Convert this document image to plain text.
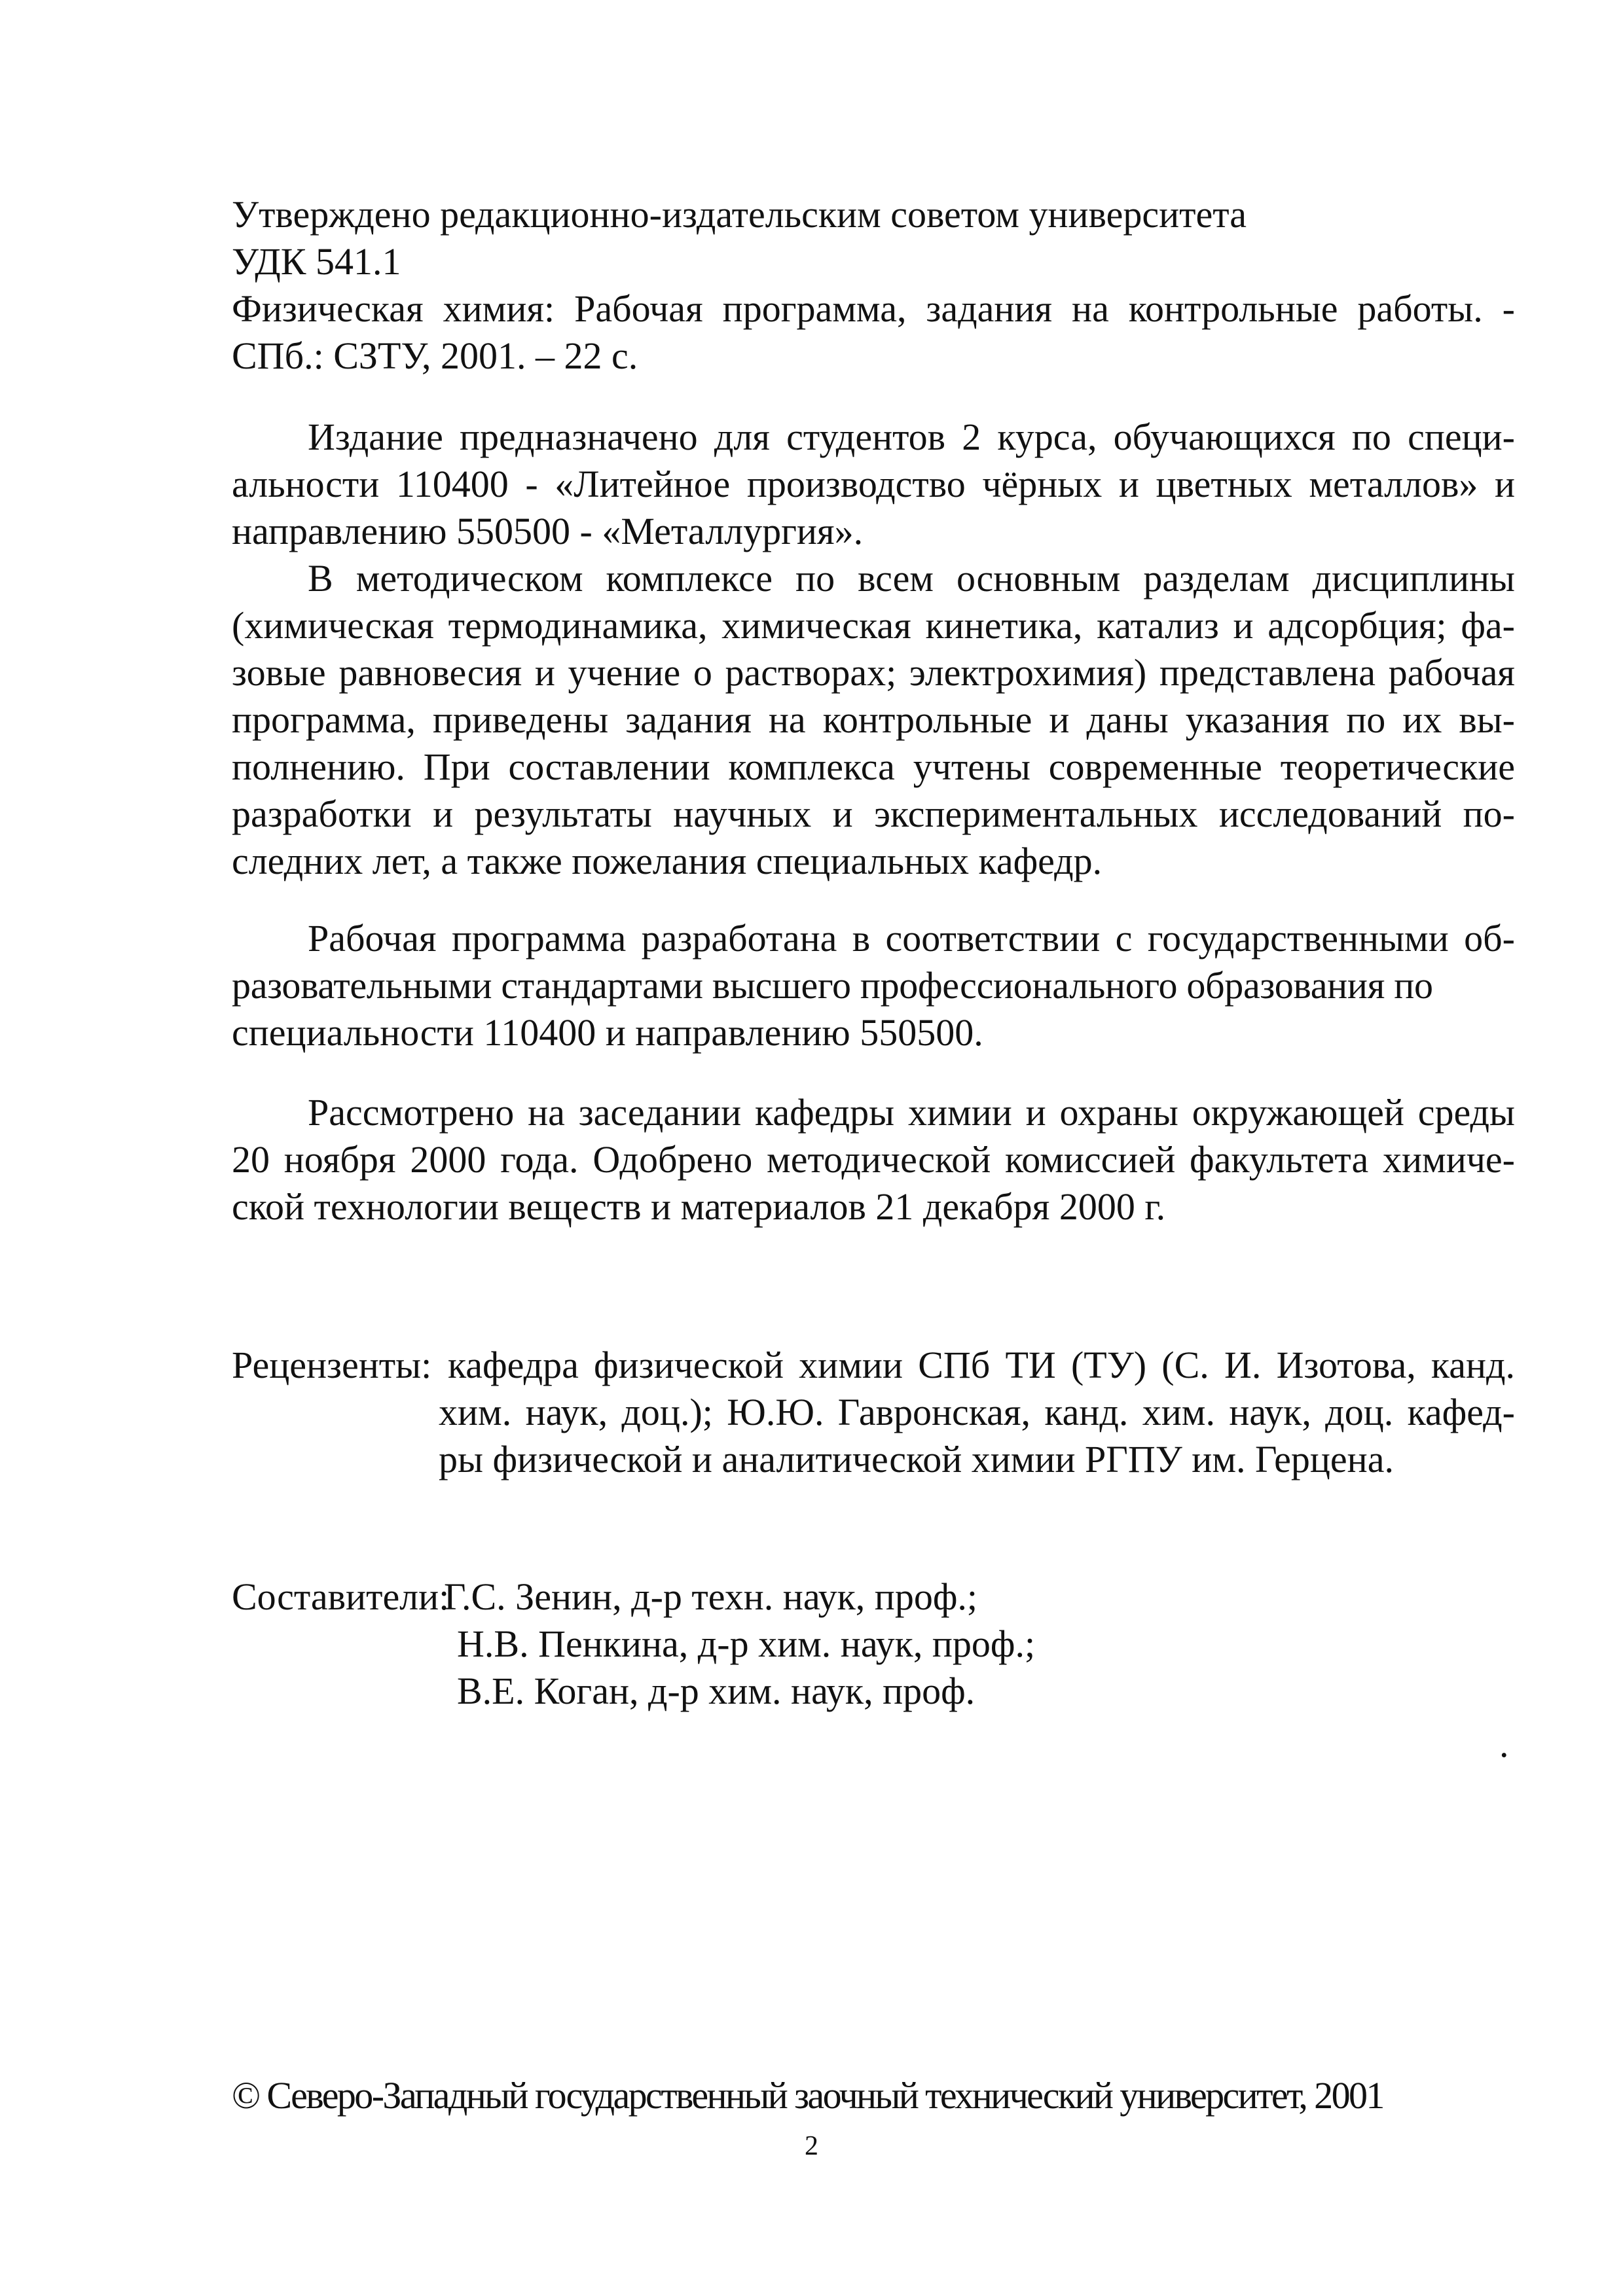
Утверждено редакционно-издательским советом университета
УДК 541.1
Физическая химия: Рабочая программа, задания на контрольные работы. -
СПб.: СЗТУ, 2001. – 22 с.
Издание предназначено для студентов 2 курса, обучающихся по специ-
альности 110400 - «Литейное производство чёрных и цветных металлов» и
направлению 550500 - «Металлургия».
В методическом комплексе по всем основным разделам дисциплины
(химическая термодинамика, химическая кинетика, катализ и адсорбция; фа-
зовые равновесия и учение о растворах; электрохимия) представлена рабочая
программа, приведены задания на контрольные и даны указания по их вы-
полнению. При составлении комплекса учтены современные теоретические
разработки и результаты научных и экспериментальных исследований по-
следних лет, а также пожелания специальных кафедр.
Рабочая программа разработана в соответствии с государственными об-
разовательными стандартами высшего профессионального образования по
специальности 110400 и направлению 550500.
Рассмотрено на заседании кафедры химии и охраны окружающей среды
20 ноября 2000 года. Одобрено методической комиссией факультета химиче-
ской технологии веществ и материалов 21 декабря 2000 г.
Рецензенты: кафедра физической химии СПб ТИ (ТУ) (С. И. Изотова, канд.
хим. наук, доц.); Ю.Ю. Гавронская, канд. хим. наук, доц. кафед-
ры физической и аналитической химии РГПУ им. Герцена.
Составители:
Г.С. Зенин, д-р техн. наук, проф.;
Н.В. Пенкина, д-р хим. наук, проф.;
В.Е. Коган, д-р хим. наук, проф.
.
© Северо-Западный государственный заочный технический университет, 2001
2
